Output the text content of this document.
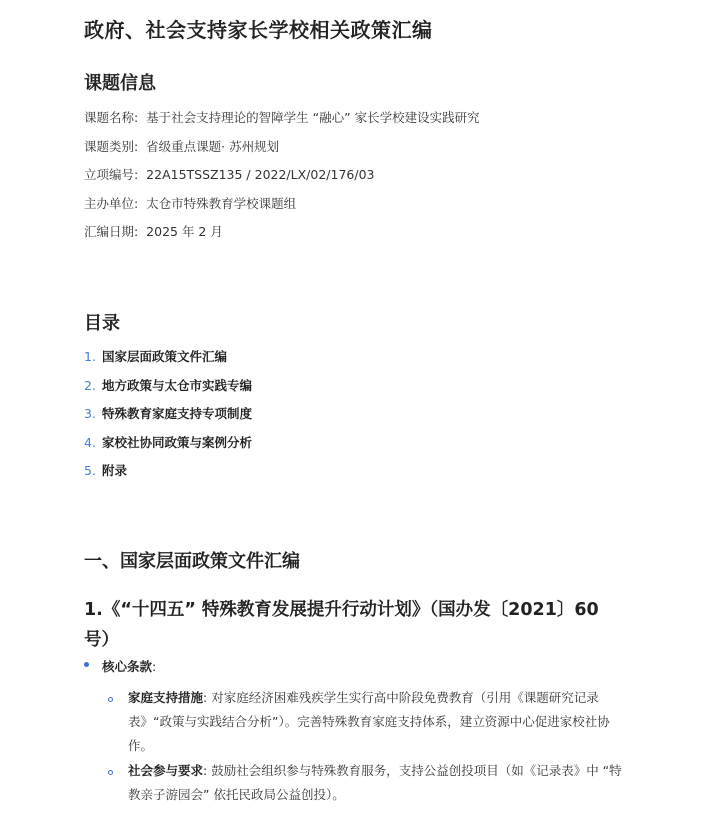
政府、社会支持家长学校相关政策汇编
课题信息
课题名称: 基于社会支持理论的智障学生 “融心” 家长学校建设实践研究
课题类别: 省级重点课题· 苏州规划
立项编号: 22A15TSSZ135 / 2022/LX/02/176/03
主办单位: 太仓市特殊教育学校课题组
汇编日期: 2025 年 2 月
目录
1. 国家层面政策文件汇编
2. 地方政策与太仓市实践专编
3. 特殊教育家庭支持专项制度
4. 家校社协同政策与案例分析
5. 附录
一、国家层面政策文件汇编
1.《“十四五” 特殊教育发展提升行动计划》（国办发〔2021〕60号）
核心条款:
家庭支持措施: 对家庭经济困难残疾学生实行高中阶段免费教育（引用《课题研究记录表》“政策与实践结合分析”）。完善特殊教育家庭支持体系，建立资源中心促进家校社协作。
社会参与要求: 鼓励社会组织参与特殊教育服务，支持公益创投项目（如《记录表》中 “特教亲子游园会” 依托民政局公益创投）。
